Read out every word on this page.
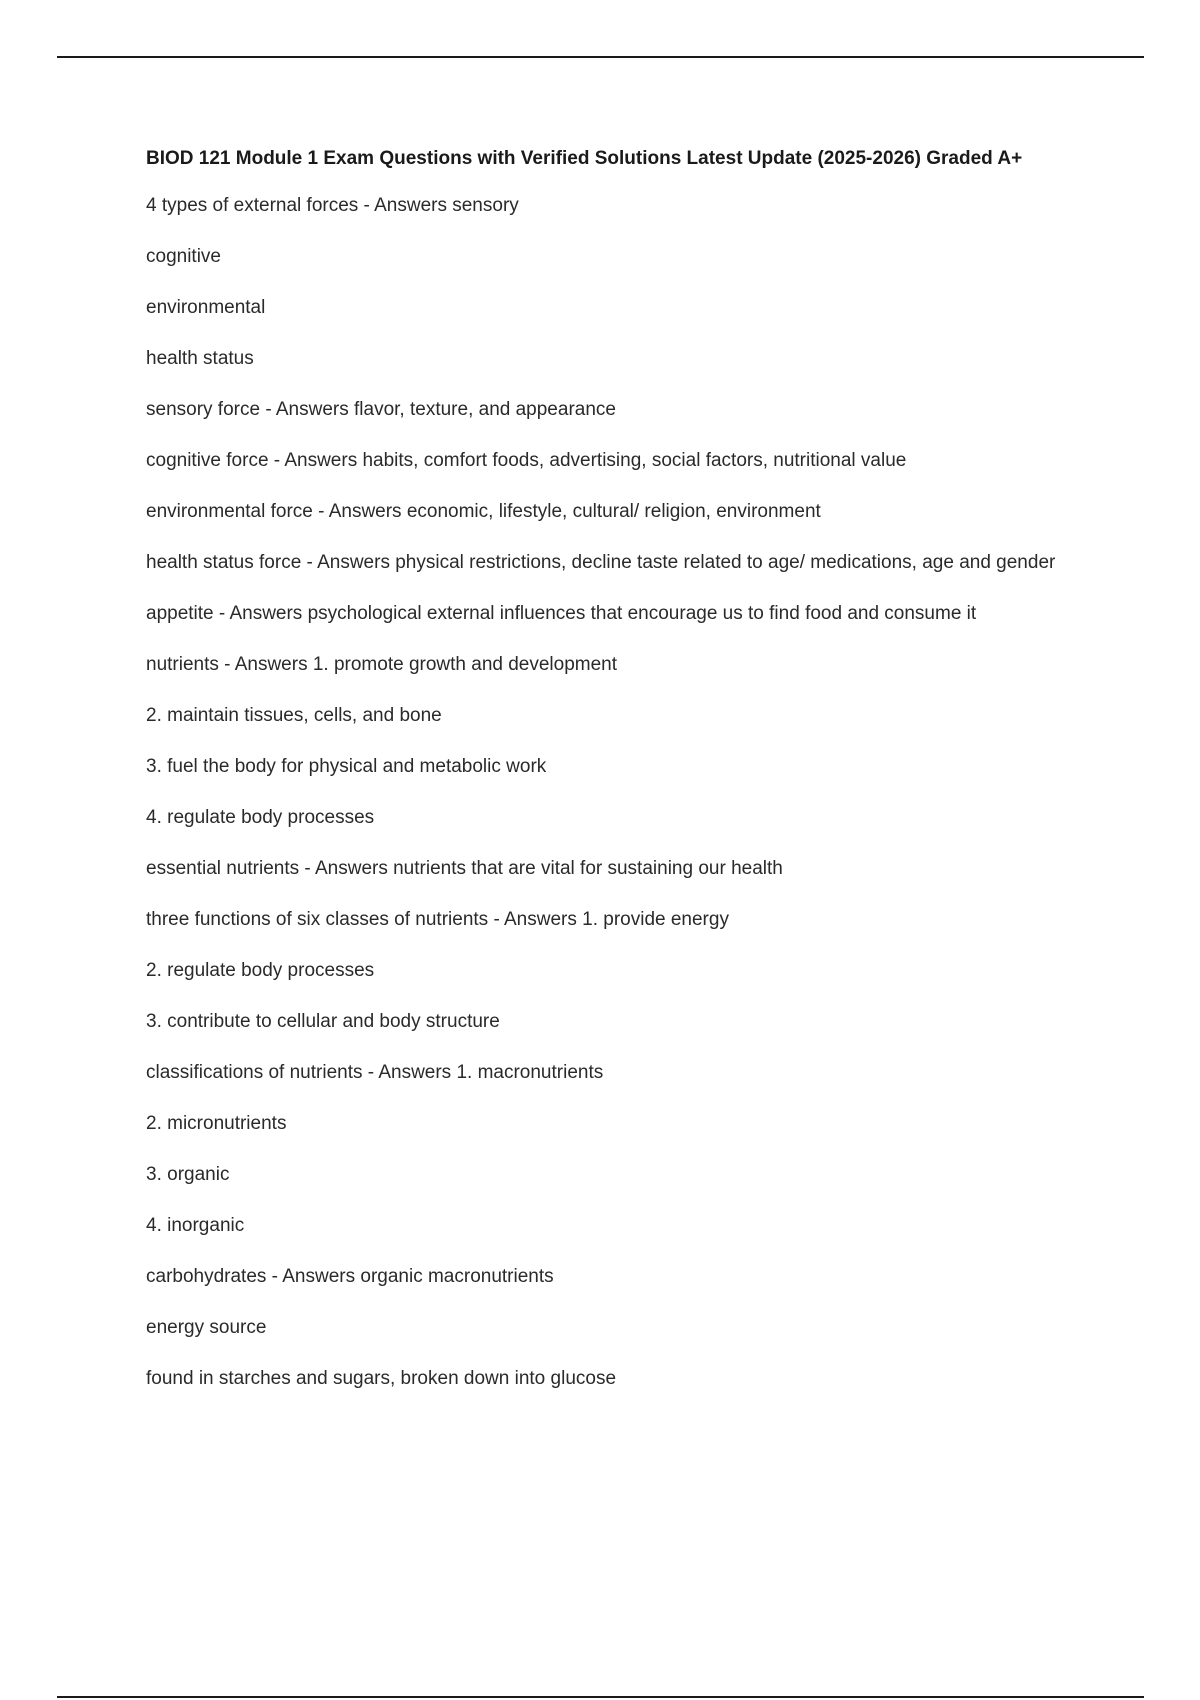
BIOD 121 Module 1 Exam Questions with Verified Solutions Latest Update (2025-2026) Graded A+
4 types of external forces - Answers sensory
cognitive
environmental
health status
sensory force - Answers flavor, texture, and appearance
cognitive force - Answers habits, comfort foods, advertising, social factors, nutritional value
environmental force - Answers economic, lifestyle, cultural/ religion, environment
health status force - Answers physical restrictions, decline taste related to age/ medications, age and gender
appetite - Answers psychological external influences that encourage us to find food and consume it
nutrients - Answers 1. promote growth and development
2. maintain tissues, cells, and bone
3. fuel the body for physical and metabolic work
4. regulate body processes
essential nutrients - Answers nutrients that are vital for sustaining our health
three functions of six classes of nutrients - Answers 1. provide energy
2. regulate body processes
3. contribute to cellular and body structure
classifications of nutrients - Answers 1. macronutrients
2. micronutrients
3. organic
4. inorganic
carbohydrates - Answers organic macronutrients
energy source
found in starches and sugars, broken down into glucose
